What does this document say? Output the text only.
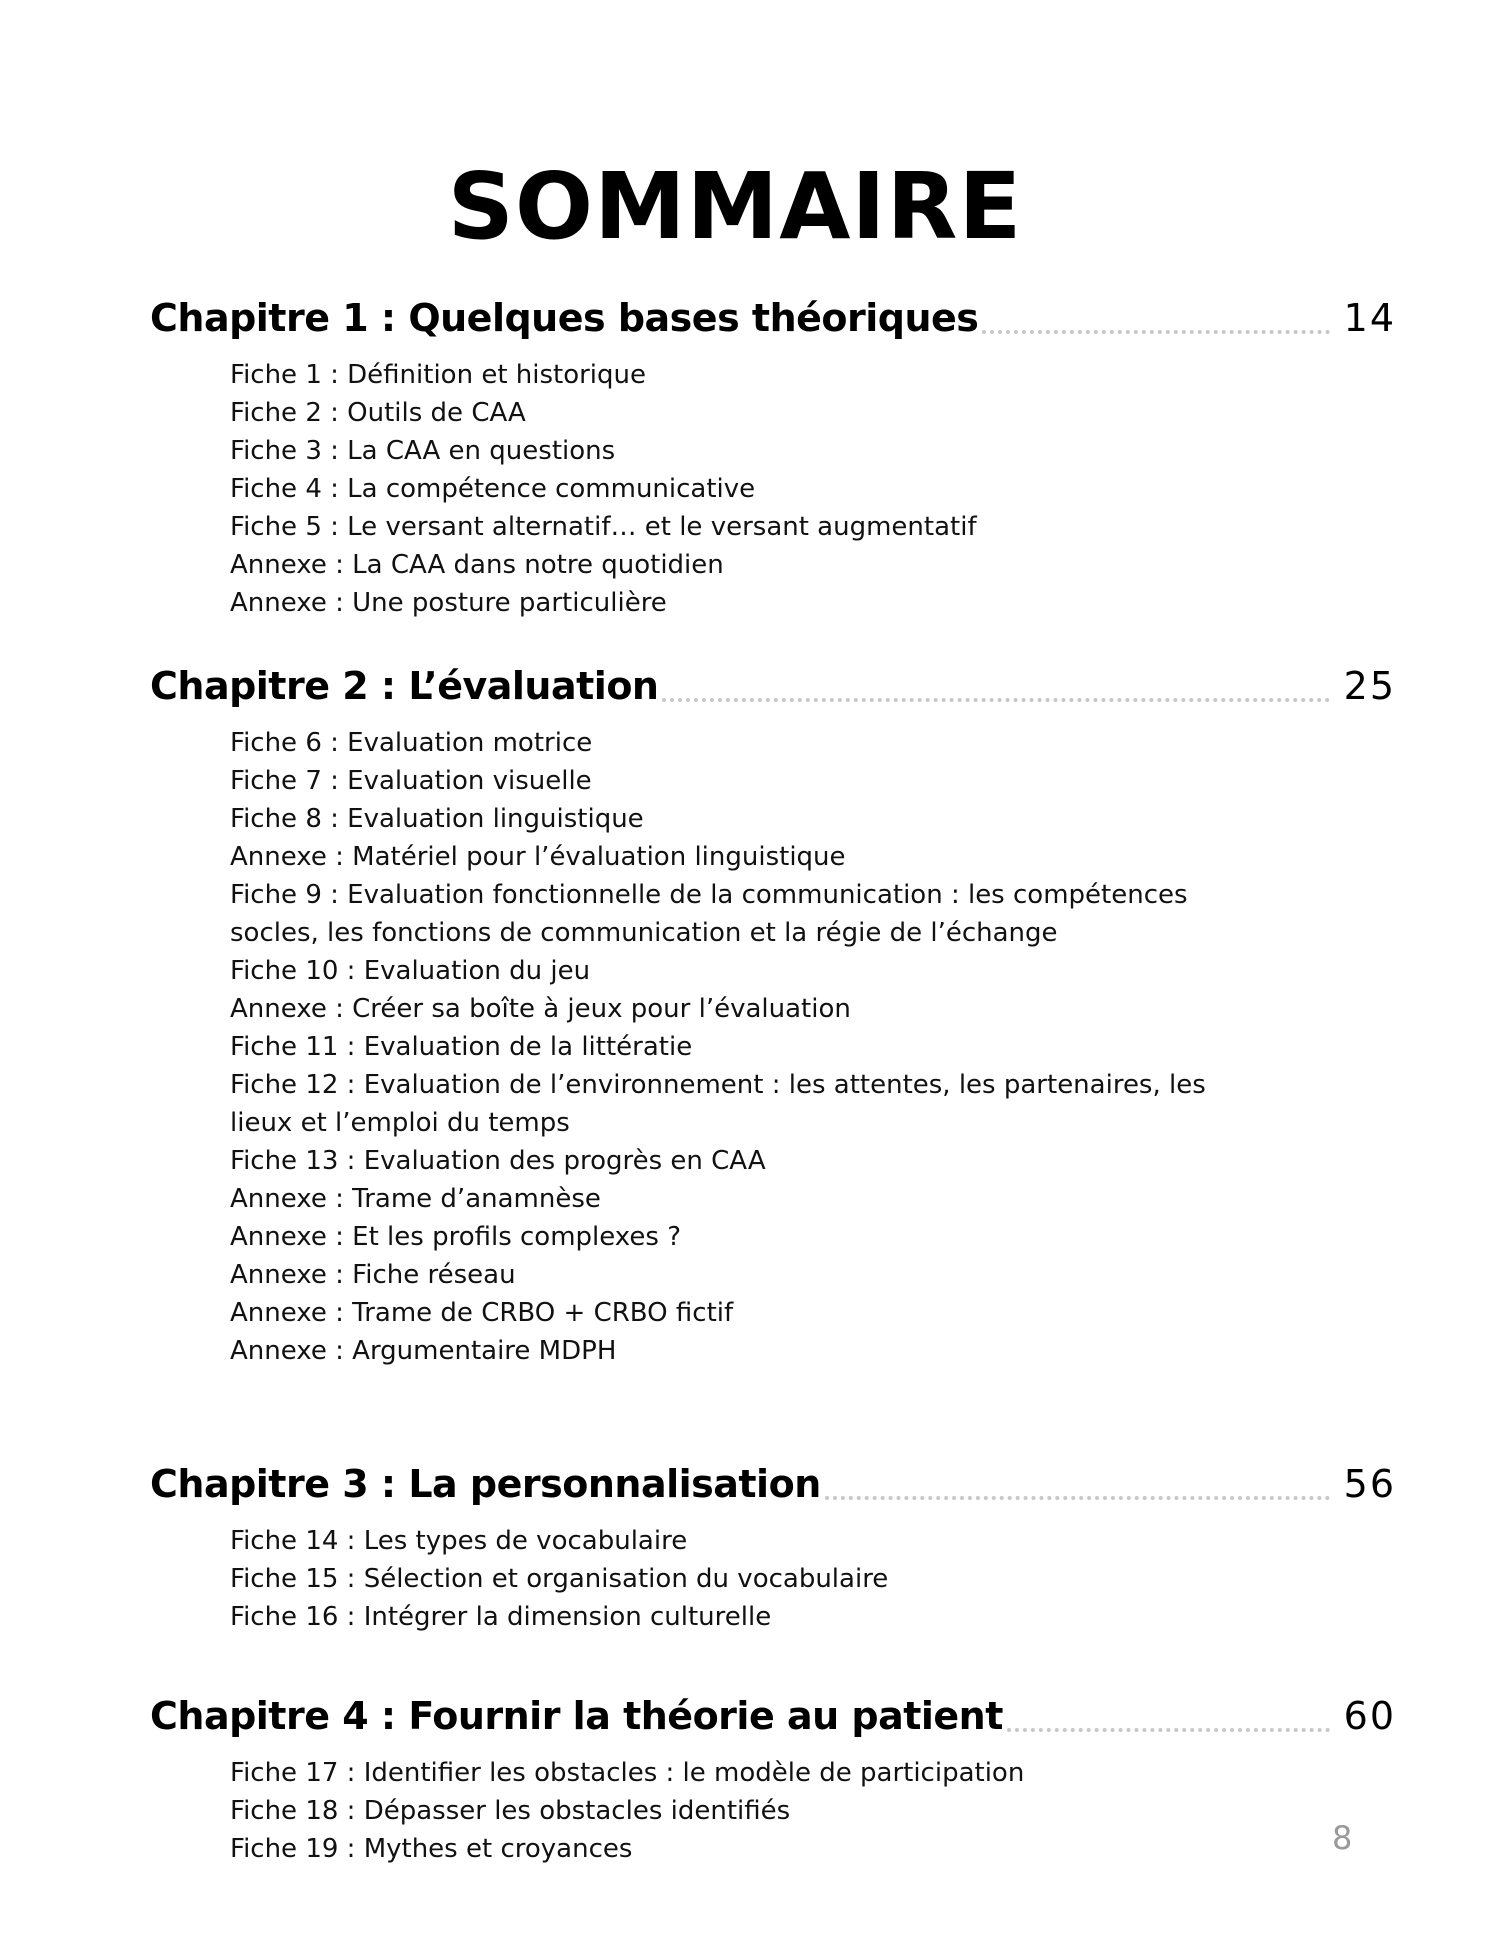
SOMMAIRE
Chapitre 1 : Quelques bases théoriques	14
Fiche 1 : Définition et historique
Fiche 2 : Outils de CAA
Fiche 3 : La CAA en questions
Fiche 4 : La compétence communicative
Fiche 5 : Le versant alternatif… et le versant augmentatif
Annexe : La CAA dans notre quotidien
Annexe : Une posture particulière
Chapitre 2 : L’évaluation	25
Fiche 6 : Evaluation motrice
Fiche 7 : Evaluation visuelle
Fiche 8 : Evaluation linguistique
Annexe : Matériel pour l’évaluation linguistique
Fiche 9 : Evaluation fonctionnelle de la communication : les compétences socles, les fonctions de communication et la régie de l’échange
Fiche 10 : Evaluation du jeu
Annexe : Créer sa boîte à jeux pour l’évaluation
Fiche 11 : Evaluation de la littératie
Fiche 12 : Evaluation de l’environnement : les attentes, les partenaires, les lieux et l’emploi du temps
Fiche 13 : Evaluation des progrès en CAA
Annexe : Trame d’anamnèse
Annexe : Et les profils complexes ?
Annexe : Fiche réseau
Annexe : Trame de CRBO + CRBO fictif
Annexe : Argumentaire MDPH
Chapitre 3 : La personnalisation	56
Fiche 14 : Les types de vocabulaire
Fiche 15 : Sélection et organisation du vocabulaire
Fiche 16 : Intégrer la dimension culturelle
Chapitre 4 : Fournir la théorie au patient	60
Fiche 17 : Identifier les obstacles : le modèle de participation
Fiche 18 : Dépasser les obstacles identifiés
Fiche 19 : Mythes et croyances	8
